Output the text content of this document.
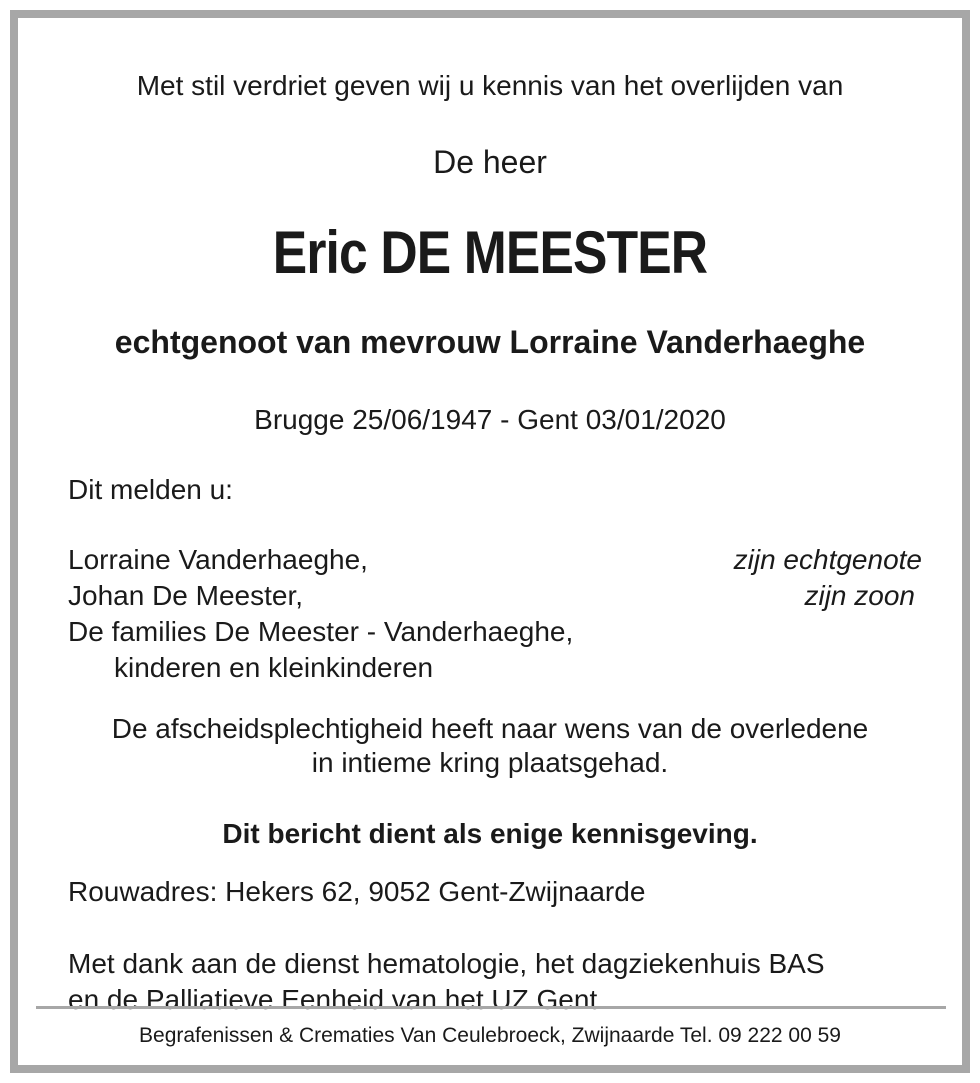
Met stil verdriet geven wij u kennis van het overlijden van
De heer
Eric DE MEESTER
echtgenoot van mevrouw Lorraine Vanderhaeghe
Brugge 25/06/1947 - Gent 03/01/2020
Dit melden u:
Lorraine Vanderhaeghe,	zijn echtgenote
Johan De Meester,	zijn zoon
De families De Meester - Vanderhaeghe,
kinderen en kleinkinderen
De afscheidsplechtigheid heeft naar wens van de overledene
in intieme kring plaatsgehad.
Dit bericht dient als enige kennisgeving.
Rouwadres: Hekers 62, 9052 Gent-Zwijnaarde
Met dank aan de dienst hematologie, het dagziekenhuis BAS
en de Palliatieve Eenheid van het UZ Gent.
Begrafenissen & Crematies Van Ceulebroeck, Zwijnaarde Tel. 09 222 00 59
